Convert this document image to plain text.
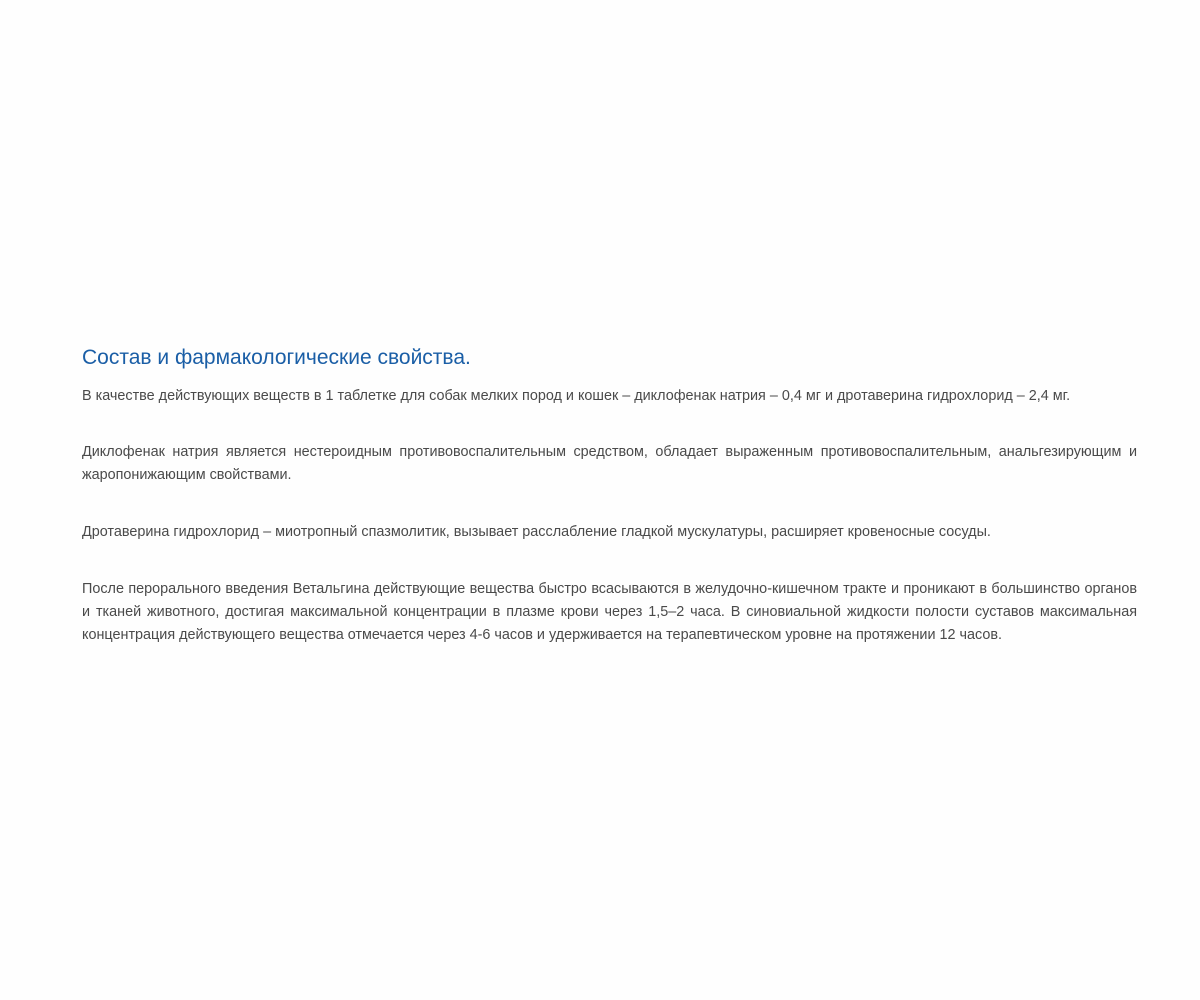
Состав и фармакологические свойства.

В качестве действующих веществ в 1 таблетке для собак мелких пород и кошек – диклофенак натрия – 0,4 мг и дротаверина гидрохлорид – 2,4 мг.

Диклофенак натрия является нестероидным противовоспалительным средством, обладает выраженным противовоспалительным, анальгезирующим и жаропонижающим свойствами.

Дротаверина гидрохлорид – миотропный спазмолитик, вызывает расслабление гладкой мускулатуры, расширяет кровеносные сосуды.

После перорального введения Ветальгина действующие вещества быстро всасываются в желудочно-кишечном тракте и проникают в большинство органов и тканей животного, достигая максимальной концентрации в плазме крови через 1,5–2 часа. В синовиальной жидкости полости суставов максимальная концентрация действующего вещества отмечается через 4-6 часов и удерживается на терапевтическом уровне на протяжении 12 часов.
